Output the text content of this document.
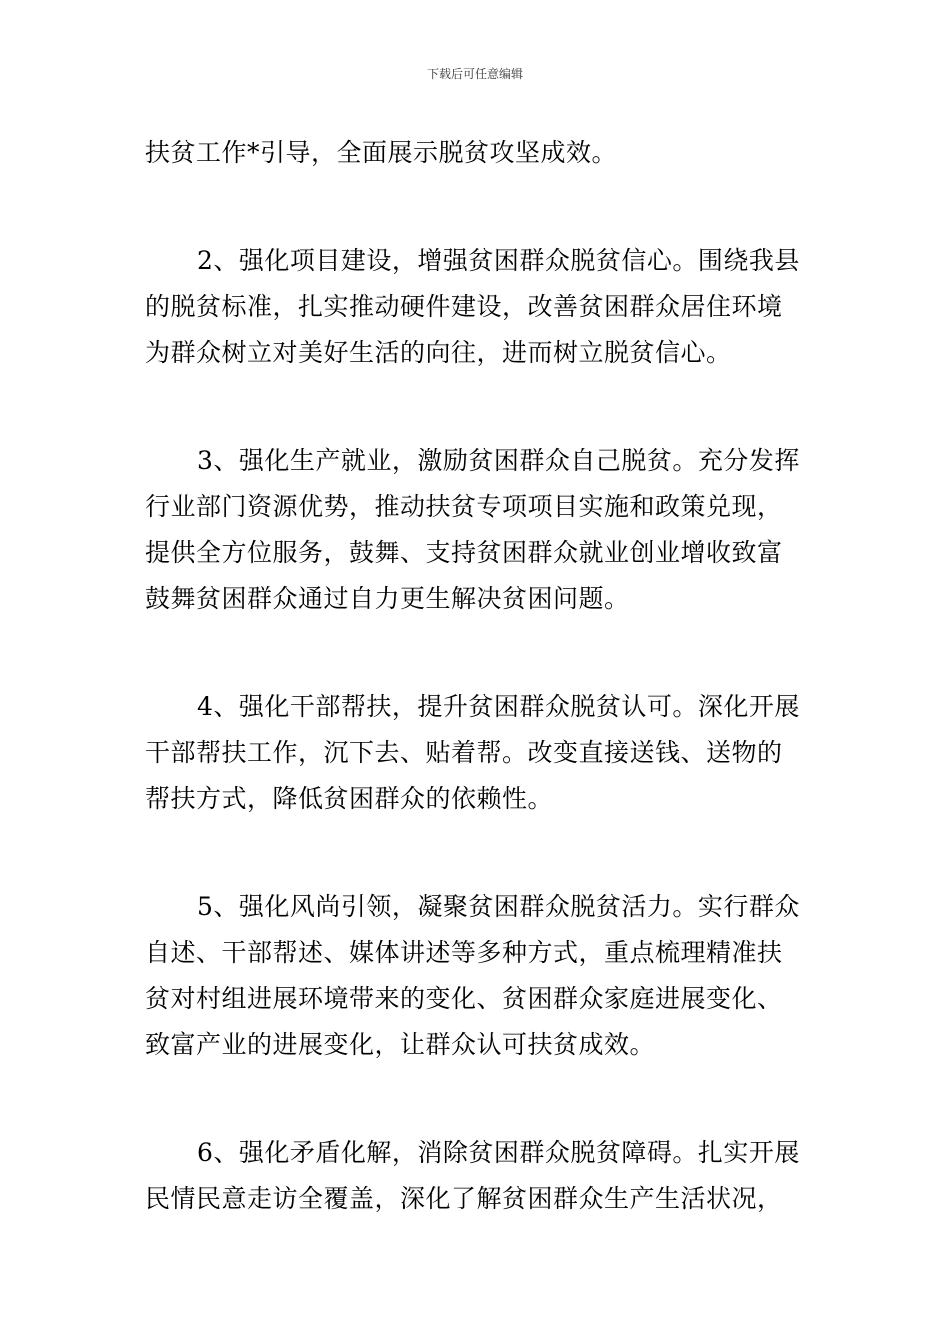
下载后可任意编辑
扶贫工作*引导，全面展示脱贫攻坚成效。
2、强化项目建设，增强贫困群众脱贫信心。围绕我县
的脱贫标准，扎实推动硬件建设，改善贫困群众居住环境
为群众树立对美好生活的向往，进而树立脱贫信心。
3、强化生产就业，激励贫困群众自己脱贫。充分发挥
行业部门资源优势，推动扶贫专项项目实施和政策兑现，
提供全方位服务，鼓舞、支持贫困群众就业创业增收致富
鼓舞贫困群众通过自力更生解决贫困问题。
4、强化干部帮扶，提升贫困群众脱贫认可。深化开展
干部帮扶工作，沉下去、贴着帮。改变直接送钱、送物的
帮扶方式，降低贫困群众的依赖性。
5、强化风尚引领，凝聚贫困群众脱贫活力。实行群众
自述、干部帮述、媒体讲述等多种方式，重点梳理精准扶
贫对村组进展环境带来的变化、贫困群众家庭进展变化、
致富产业的进展变化，让群众认可扶贫成效。
6、强化矛盾化解，消除贫困群众脱贫障碍。扎实开展
民情民意走访全覆盖，深化了解贫困群众生产生活状况，
